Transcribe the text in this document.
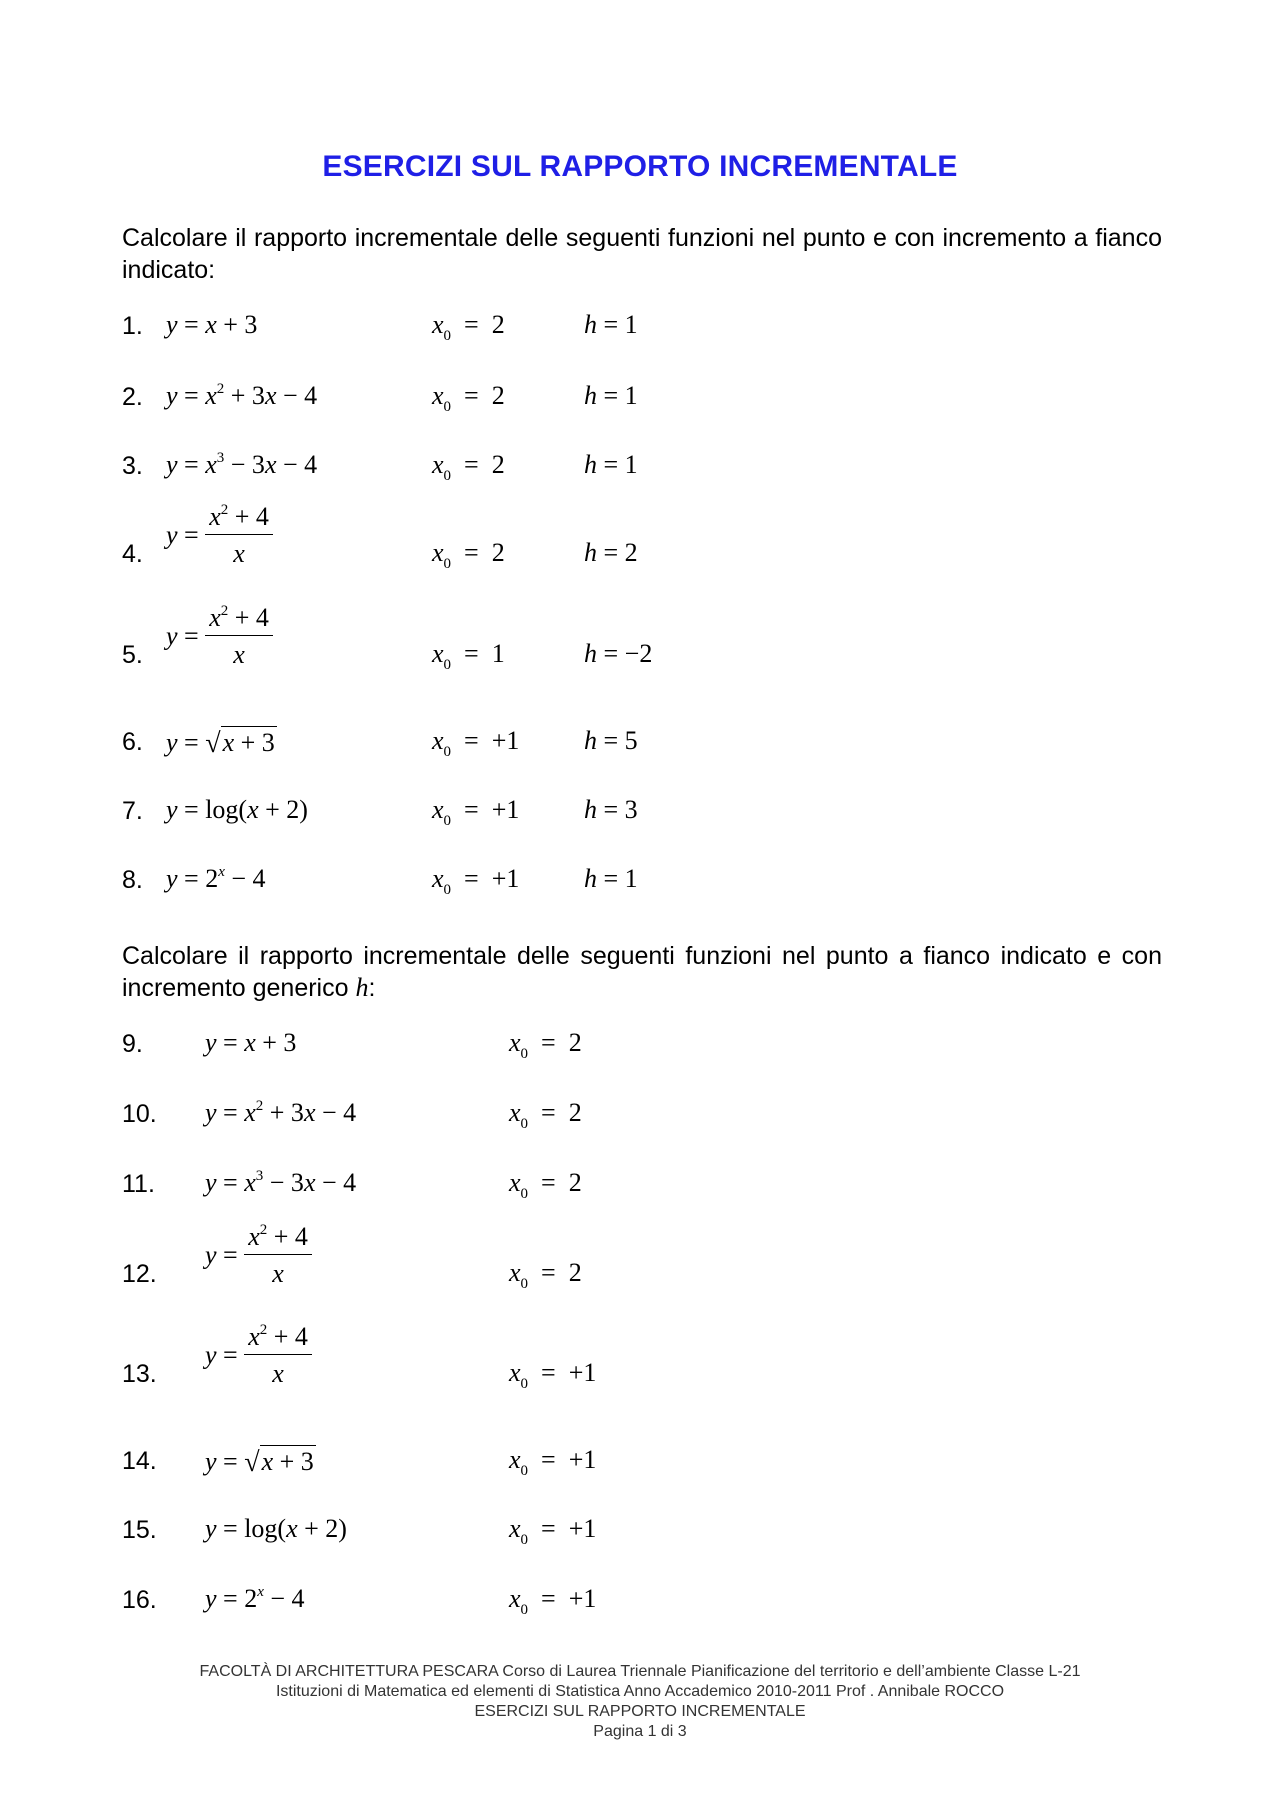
ESERCIZI SUL RAPPORTO INCREMENTALE
Calcolare il rapporto incrementale delle seguenti funzioni nel punto e con incremento a fianco indicato:
1. y = x + 3	$x_0 = 2$	h = 1
2. $y = x^2 + 3x - 4$	$x_0 = 2$	h = 1
3. $y = x^3 - 3x - 4$	$x_0 = 2$	h = 1
4.
$y = \frac{x^2 + 4}{x}$	$x_0 = 2$	h = 2
5.
$y = \frac{x^2 + 4}{x}$	$x_0 = 1$	h = −2
6. y = √x + 3	$x_0 = +1$ h = 5
7. y = log(x + 2)	$x_0 = +1$ h = 3
8. $y = 2^x - 4$	$x_0 = +1$ h = 1
Calcolare il rapporto incrementale delle seguenti funzioni nel punto a fianco indicato e con incremento generico h:
9. y = x + 3	$x_0 = 2$
10. $y = x^2 + 3x - 4$	$x_0 = 2$
11. $y = x^3 - 3x - 4$	$x_0 = 2$
12.
$y = \frac{x^2 + 4}{x}$	$x_0 = 2$
13.
$y = \frac{x^2 + 4}{x}$	$x_0 = +1$
14. y = √x + 3	$x_0 = +1$
15. y = log(x + 2)	$x_0 = +1$
16. $y = 2^x - 4$	$x_0 = +1$
FACOLTÀ DI ARCHITETTURA PESCARA Corso di Laurea Triennale Pianificazione del territorio e dell’ambiente Classe L-21
Istituzioni di Matematica ed elementi di Statistica Anno Accademico 2010-2011 Prof . Annibale ROCCO
ESERCIZI SUL RAPPORTO INCREMENTALE
Pagina 1 di 3
